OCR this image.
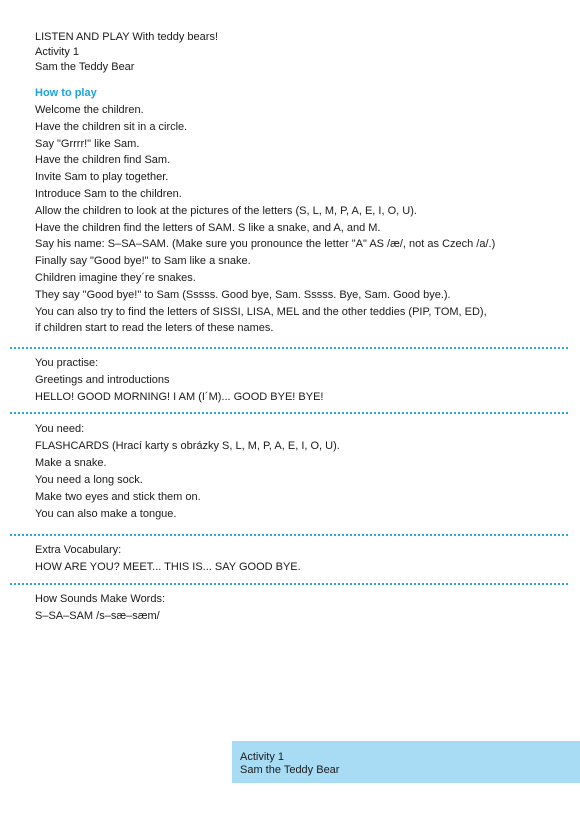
LISTEN AND PLAY With teddy bears!

Activity 1

Sam the Teddy Bear

How to play

Welcome the children.

Have the children sit in a circle.

Say "Grrrr!" like Sam.

Have the children find Sam.

Invite Sam to play together.

Introduce Sam to the children.

Allow the children to look at the pictures of the letters (S, L, M, P, A, E, I, O, U).

Have the children find the letters of SAM. S like a snake, and A, and M.

Say his name: S–SA–SAM. (Make sure you pronounce the letter "A" AS /æ/, not as Czech /a/.)

Finally say "Good bye!" to Sam like a snake.

Children imagine they´re snakes.

They say "Good bye!" to Sam (Sssss. Good bye, Sam. Sssss. Bye, Sam. Good bye.).

You can also try to find the letters of SISSI, LISA, MEL and the other teddies (PIP, TOM, ED),

if children start to read the leters of these names.

You practise:

Greetings and introductions

HELLO! GOOD MORNING! I AM (I´M)... GOOD BYE! BYE!

You need:

FLASHCARDS (Hrací karty s obrázky S, L, M, P, A, E, I, O, U).

Make a snake.

You need a long sock.

Make two eyes and stick them on.

You can also make a tongue.

Extra Vocabulary:

HOW ARE YOU? MEET... THIS IS... SAY GOOD BYE.

How Sounds Make Words:

S–SA–SAM /s–sæ–sæm/

Activity 1
Sam the Teddy Bear
